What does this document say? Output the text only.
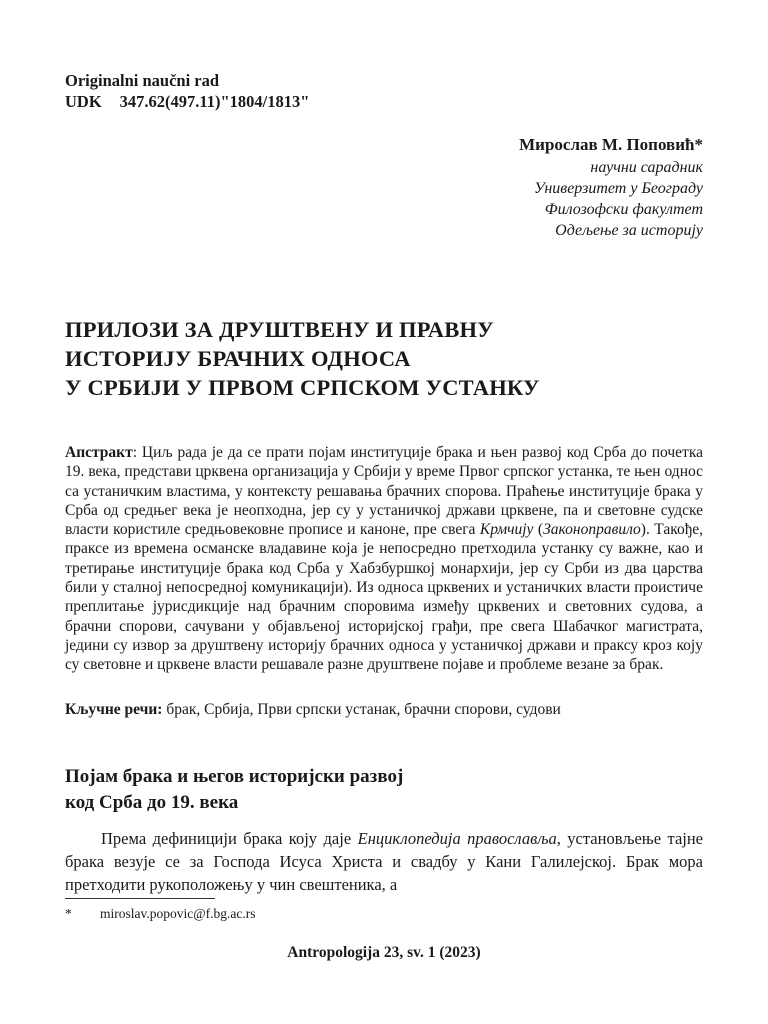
Originalni naučni rad
UDK 347.62(497.11)"1804/1813"
Мирослав М. Поповић*
научни сарадник
Универзитет у Београду
Филозофски факултет
Одељење за историју
ПРИЛОЗИ ЗА ДРУШТВЕНУ И ПРАВНУ
ИСТОРИЈУ БРАЧНИХ ОДНОСА
У СРБИЈИ У ПРВОМ СРПСКОМ УСТАНКУ

Апстракт: Циљ рада је да се прати појам институције брака и њен развој код Срба до почетка 19. века, представи црквена организација у Србији у време Првог српског устанка, те њен однос са устаничким властима, у контексту решавања брачних спорова. Праћење институције брака у Срба од средњег века је неопходна, јер су у устаничкој држави црквене, па и световне судске власти користиле средњовековне прописе и каноне, пре свега Крмчију (Законоправило). Такође, праксе из времена османске владавине која је непосредно претходила устанку су важне, као и третирање институције брака код Срба у Хабзбуршкој монархији, јер су Срби из два царства били у сталној непосредној комуникацији). Из односа црквених и устаничких власти проистиче преплитање јурисдикције над брачним споровима између црквених и световних судова, а брачни спорови, сачувани у објављеној историјској грађи, пре свега Шабачког магистрата, једини су извор за друштвену историју брачних односа у устаничкој држави и праксу кроз коју су световне и црквене власти решавале разне друштвене појаве и проблеме везане за брак.

Кључне речи: брак, Србија, Први српски устанак, брачни спорови, судови

Појам брака и његов историјски развој
код Срба до 19. века

Према дефиницији брака коју даје Енциклопедија православља, установљење тајне брака везује се за Господа Исуса Христа и свадбу у Кани Галилејској. Брак мора претходити рукоположењу у чин свештеника, а

* miroslav.popovic@f.bg.ac.rs
Antropologija 23, sv. 1 (2023)
